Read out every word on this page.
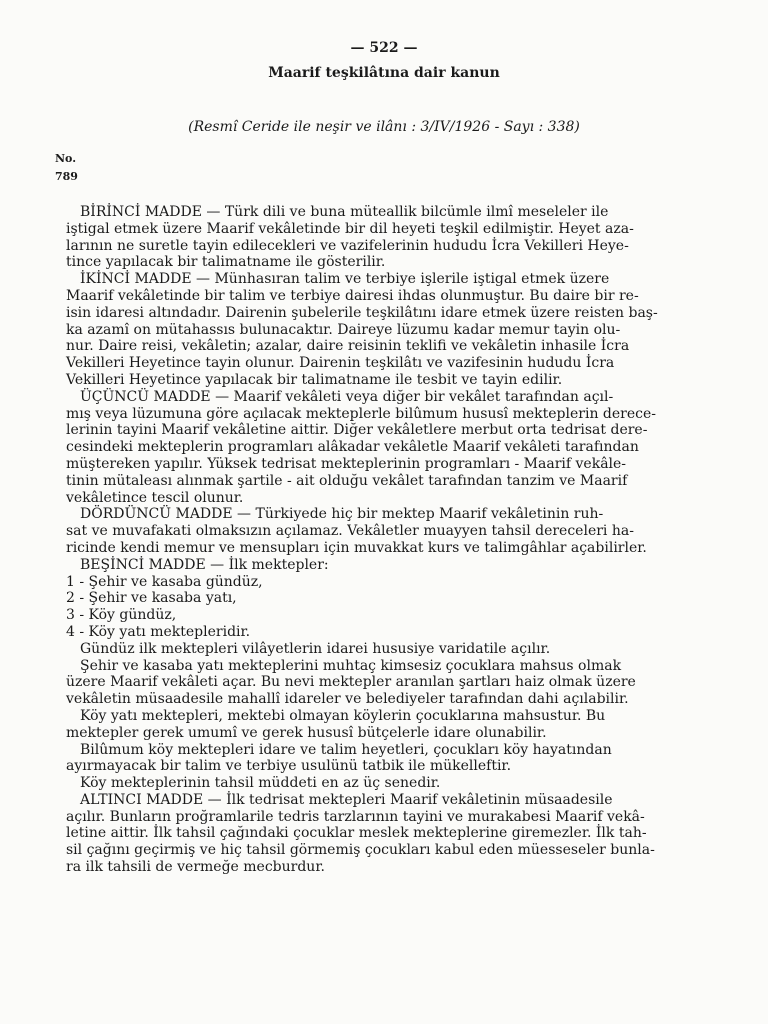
— 522 —
Maarif teşkilâtına dair kanun
(Resmî Ceride ile neşir ve ilânı : 3/IV/1926 - Sayı : 338)
No.
789

BİRİNCİ MADDE — Türk dili ve buna müteallik bilcümle ilmî meseleler ile
iştigal etmek üzere Maarif vekâletinde bir dil heyeti teşkil edilmiştir. Heyet aza-
larının ne suretle tayin edilecekleri ve vazifelerinin hududu İcra Vekilleri Heye-
tince yapılacak bir talimatname ile gösterilir.

İKİNCİ MADDE — Münhasıran talim ve terbiye işlerile iştigal etmek üzere
Maarif vekâletinde bir talim ve terbiye dairesi ihdas olunmuştur. Bu daire bir re-
isin idaresi altındadır. Dairenin şubelerile teşkilâtını idare etmek üzere reisten baş-
ka azamî on mütahassıs bulunacaktır. Daireye lüzumu kadar memur tayin olu-
nur. Daire reisi, vekâletin; azalar, daire reisinin teklifi ve vekâletin inhasile İcra
Vekilleri Heyetince tayin olunur. Dairenin teşkilâtı ve vazifesinin hududu İcra
Vekilleri Heyetince yapılacak bir talimatname ile tesbit ve tayin edilir.

ÜÇÜNCÜ MADDE — Maarif vekâleti veya diğer bir vekâlet tarafından açıl-
mış veya lüzumuna göre açılacak mekteplerle bilûmum hususî mekteplerin derece-
lerinin tayini Maarif vekâletine aittir. Diğer vekâletlere merbut orta tedrisat dere-
cesindeki mekteplerin programları alâkadar vekâletle Maarif vekâleti tarafından
müştereken yapılır. Yüksek tedrisat mekteplerinin programları - Maarif vekâle-
tinin mütaleası alınmak şartile - ait olduğu vekâlet tarafından tanzim ve Maarif
vekâletince tescil olunur.

DÖRDÜNCÜ MADDE — Türkiyede hiç bir mektep Maarif vekâletinin ruh-
sat ve muvafakati olmaksızın açılamaz. Vekâletler muayyen tahsil dereceleri ha-
ricinde kendi memur ve mensupları için muvakkat kurs ve talimgâhlar açabilirler.

BEŞİNCİ MADDE — İlk mektepler:
1 - Şehir ve kasaba gündüz,
2 - Şehir ve kasaba yatı,
3 - Köy gündüz,
4 - Köy yatı mektepleridir.
Gündüz ilk mektepleri vilâyetlerin idarei hususiye varidatile açılır.
Şehir ve kasaba yatı mekteplerini muhtaç kimsesiz çocuklara mahsus olmak
üzere Maarif vekâleti açar. Bu nevi mektepler aranılan şartları haiz olmak üzere
vekâletin müsaadesile mahallî idareler ve belediyeler tarafından dahi açılabilir.
Köy yatı mektepleri, mektebi olmayan köylerin çocuklarına mahsustur. Bu
mektepler gerek umumî ve gerek hususî bütçelerle idare olunabilir.
Bilûmum köy mektepleri idare ve talim heyetleri, çocukları köy hayatından
ayırmayacak bir talim ve terbiye usulünü tatbik ile mükelleftir.
Köy mekteplerinin tahsil müddeti en az üç senedir.

ALTINCI MADDE — İlk tedrisat mektepleri Maarif vekâletinin müsaadesile
açılır. Bunların proğramlarile tedris tarzlarının tayini ve murakabesi Maarif vekâ-
letine aittir. İlk tahsil çağındaki çocuklar meslek mekteplerine giremezler. İlk tah-
sil çağını geçirmiş ve hiç tahsil görmemiş çocukları kabul eden müesseseler bunla-
ra ilk tahsili de vermeğe mecburdur.
